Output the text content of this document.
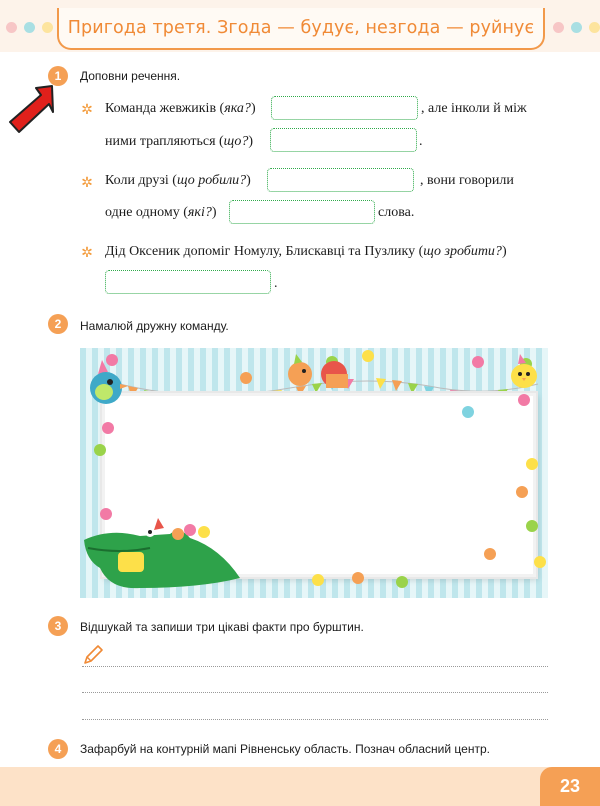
Пригода третя. Згода — будує, незгода — руйнує
1	Доповни речення.
✲ Команда жевжиків (яка?)	, але інколи й між
ними трапляються (що?)	.
✲ Коли друзі (що робили?)	, вони говорили
одне одному (які?)	слова.
✲ Дід Оксеник допоміг Номулу, Блискавці та Пузлику (що зробити?)
.
2	Намалюй дружну команду.
3	Відшукай та запиши три цікаві факти про бурштин.
4	Зафарбуй на контурній мапі Рівненську область. Познач обласний центр.
23
